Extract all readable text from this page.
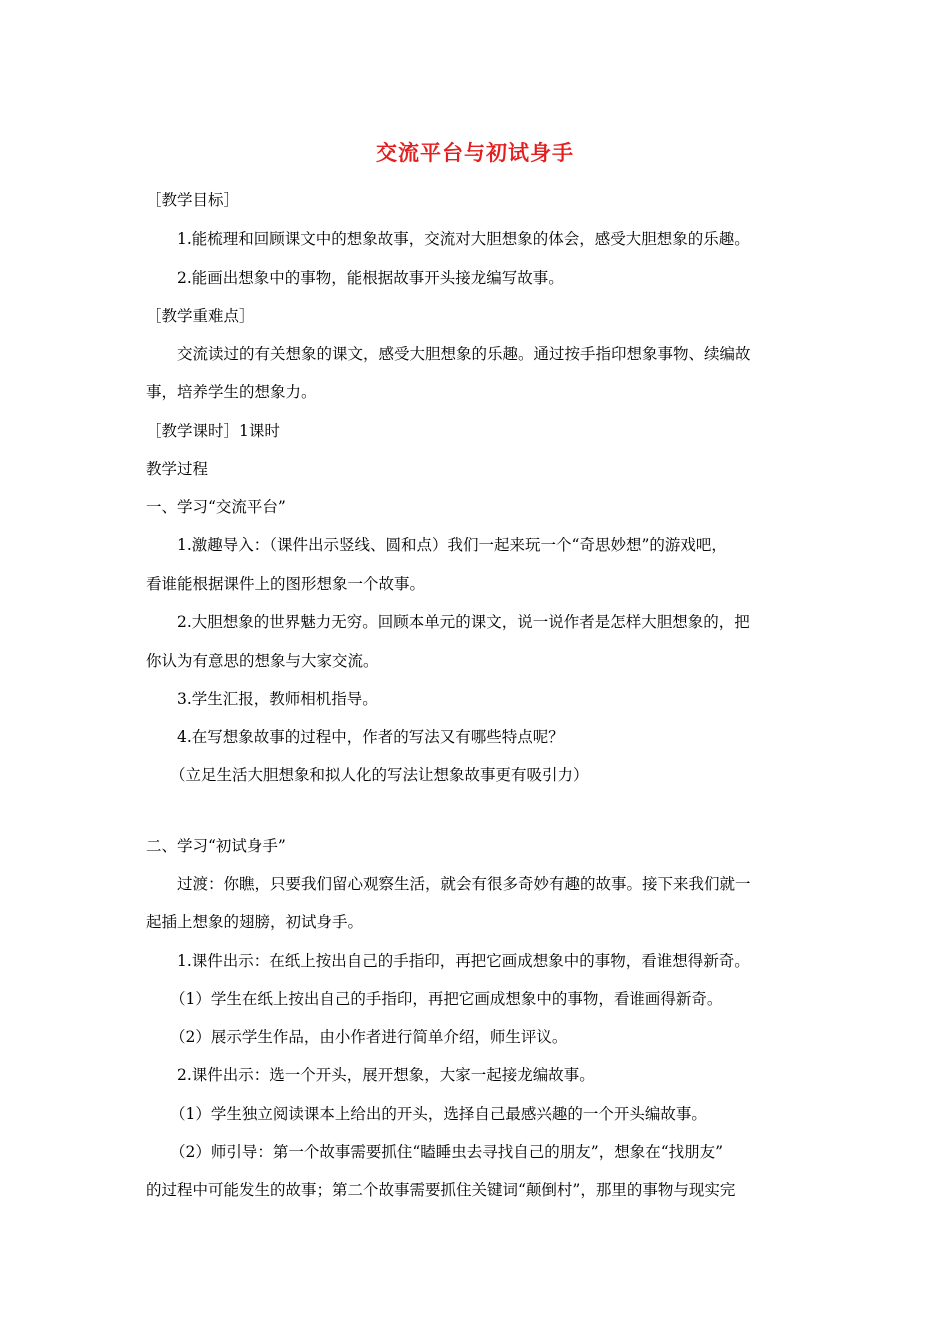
交流平台与初试身手
［教学目标］
1.能梳理和回顾课文中的想象故事，交流对大胆想象的体会，感受大胆想象的乐趣。
2.能画出想象中的事物，能根据故事开头接龙编写故事。
［教学重难点］
交流读过的有关想象的课文，感受大胆想象的乐趣。通过按手指印想象事物、续编故
事，培养学生的想象力。
［教学课时］1课时
教学过程
一、学习“交流平台”
1.激趣导入：（课件出示竖线、圆和点）我们一起来玩一个“奇思妙想”的游戏吧，
看谁能根据课件上的图形想象一个故事。
2.大胆想象的世界魅力无穷。回顾本单元的课文，说一说作者是怎样大胆想象的，把
你认为有意思的想象与大家交流。
3.学生汇报，教师相机指导。
4.在写想象故事的过程中，作者的写法又有哪些特点呢？
（立足生活大胆想象和拟人化的写法让想象故事更有吸引力）
二、学习“初试身手”
过渡：你瞧，只要我们留心观察生活，就会有很多奇妙有趣的故事。接下来我们就一
起插上想象的翅膀，初试身手。
1.课件出示：在纸上按出自己的手指印，再把它画成想象中的事物，看谁想得新奇。
（1）学生在纸上按出自己的手指印，再把它画成想象中的事物，看谁画得新奇。
（2）展示学生作品，由小作者进行简单介绍，师生评议。
2.课件出示：选一个开头，展开想象，大家一起接龙编故事。
（1）学生独立阅读课本上给出的开头，选择自己最感兴趣的一个开头编故事。
（2）师引导：第一个故事需要抓住“瞌睡虫去寻找自己的朋友”，想象在“找朋友”
的过程中可能发生的故事；第二个故事需要抓住关键词“颠倒村”，那里的事物与现实完
